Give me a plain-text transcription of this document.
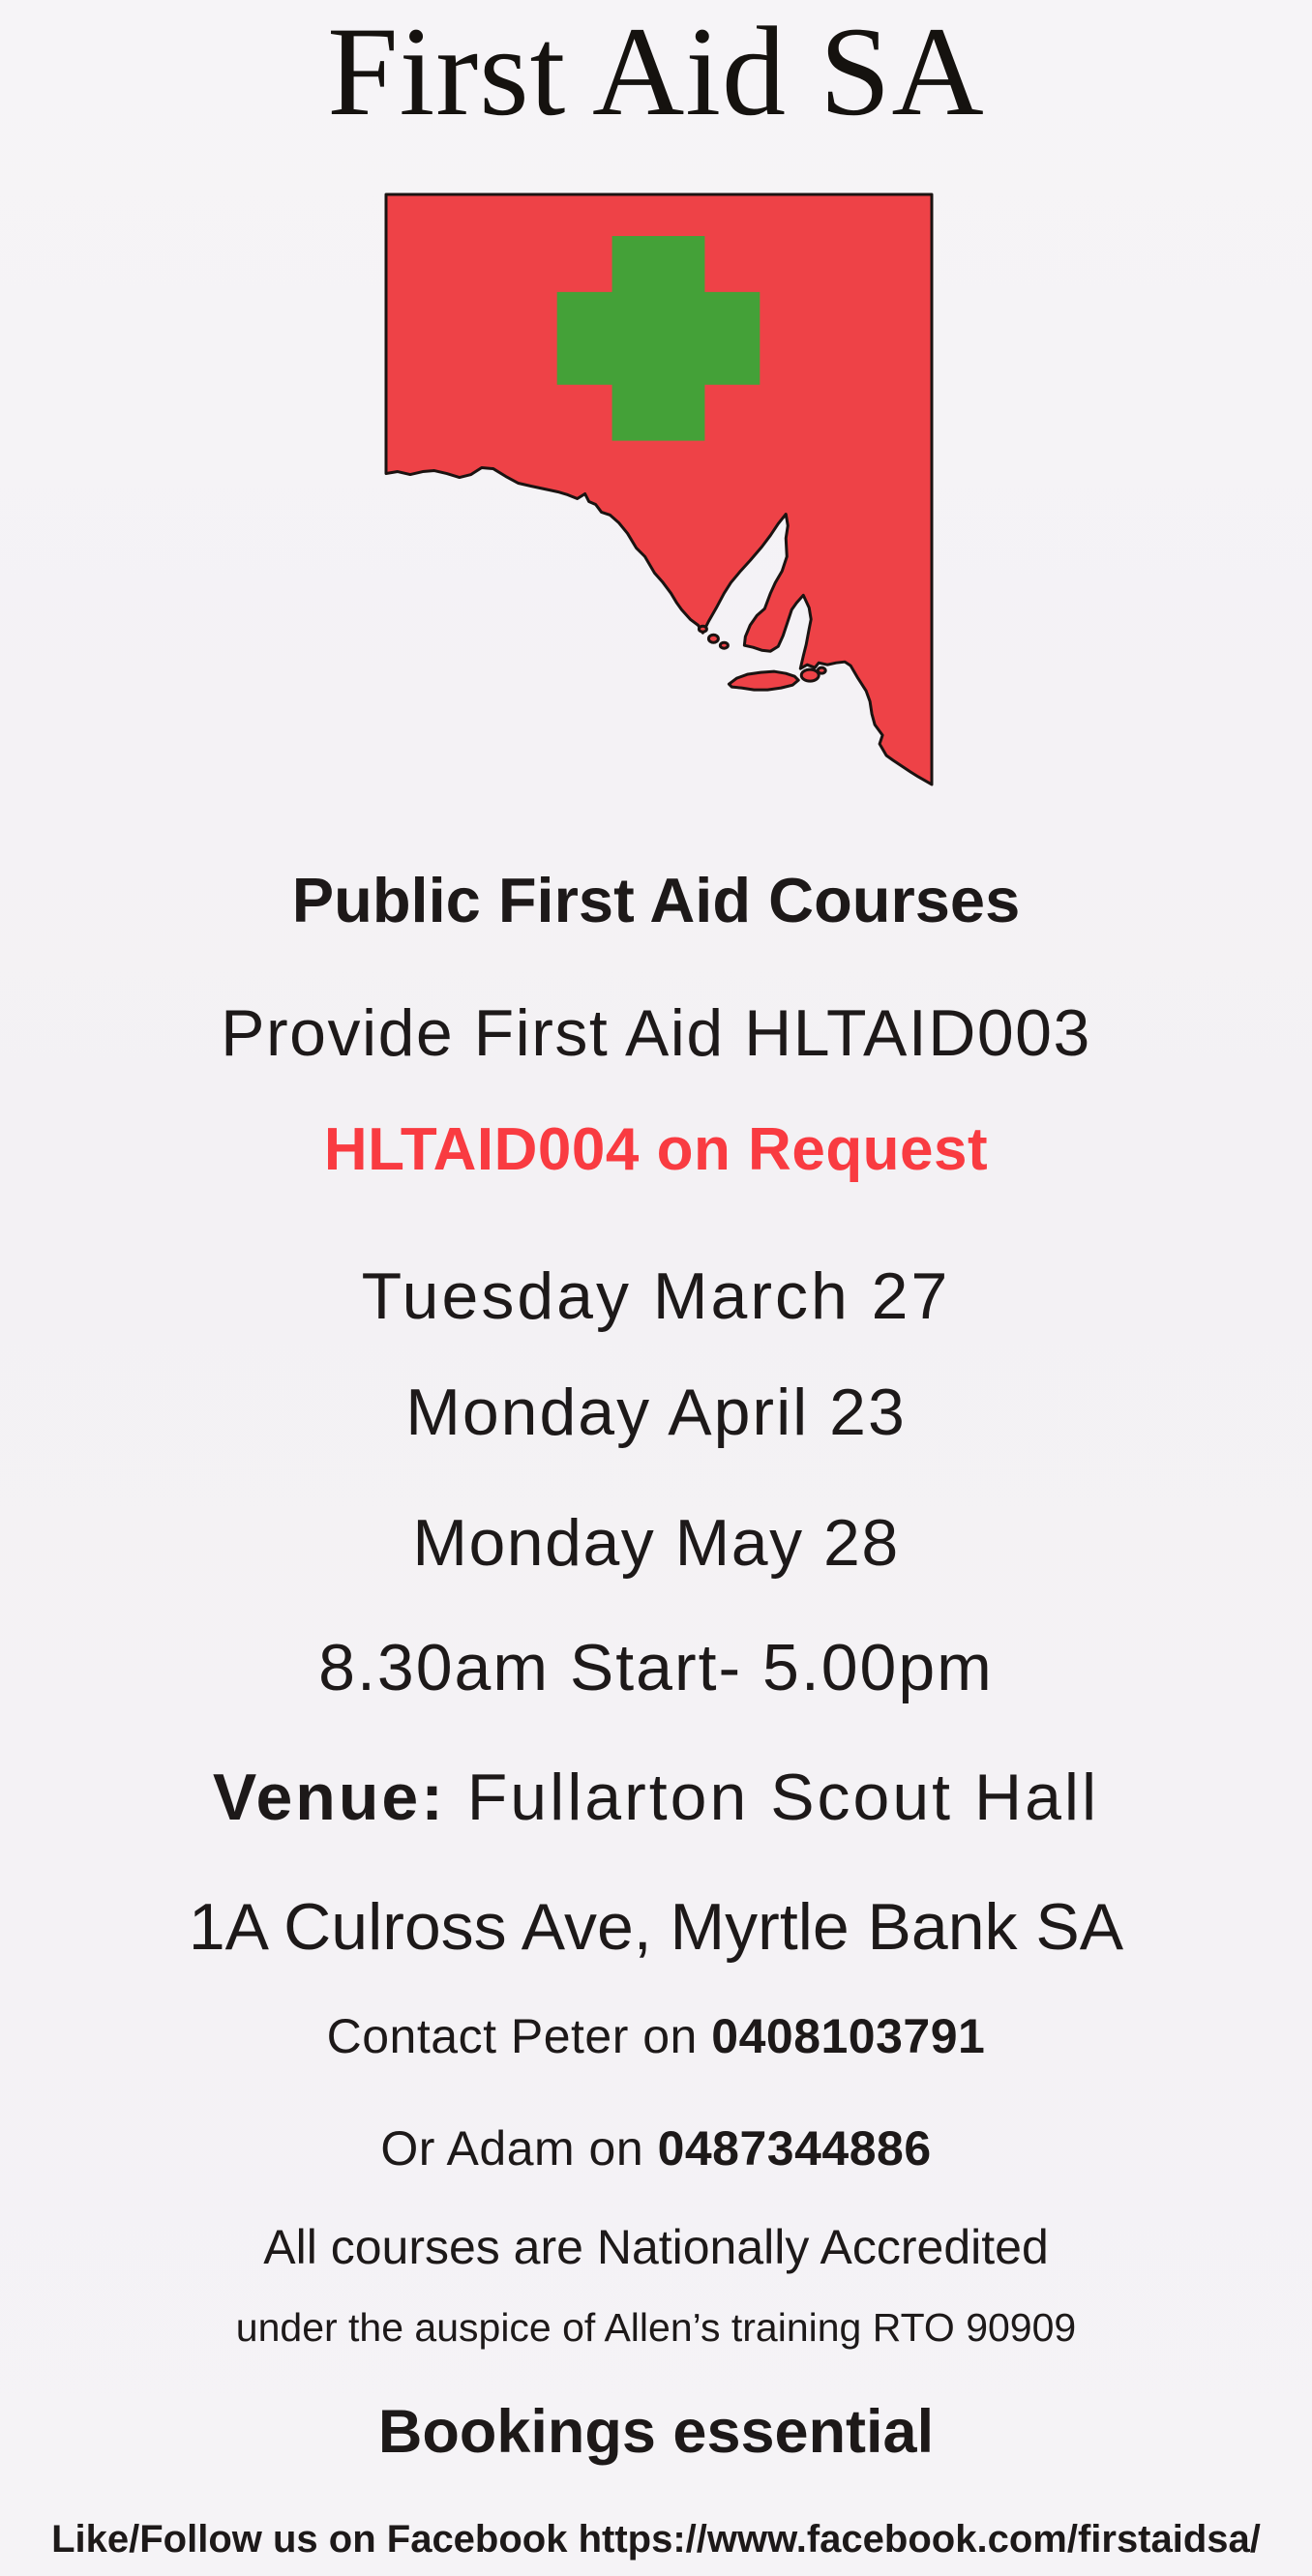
First Aid SA
Public First Aid Courses
Provide First Aid HLTAID003
HLTAID004 on Request
Tuesday March 27
Monday April 23
Monday May 28
8.30am Start- 5.00pm
Venue: Fullarton Scout Hall
1A Culross Ave, Myrtle Bank SA
Contact Peter on 0408103791
Or Adam on 0487344886
All courses are Nationally Accredited
under the auspice of Allen’s training RTO 90909
Bookings essential
Like/Follow us on Facebook https://www.facebook.com/firstaidsa/
